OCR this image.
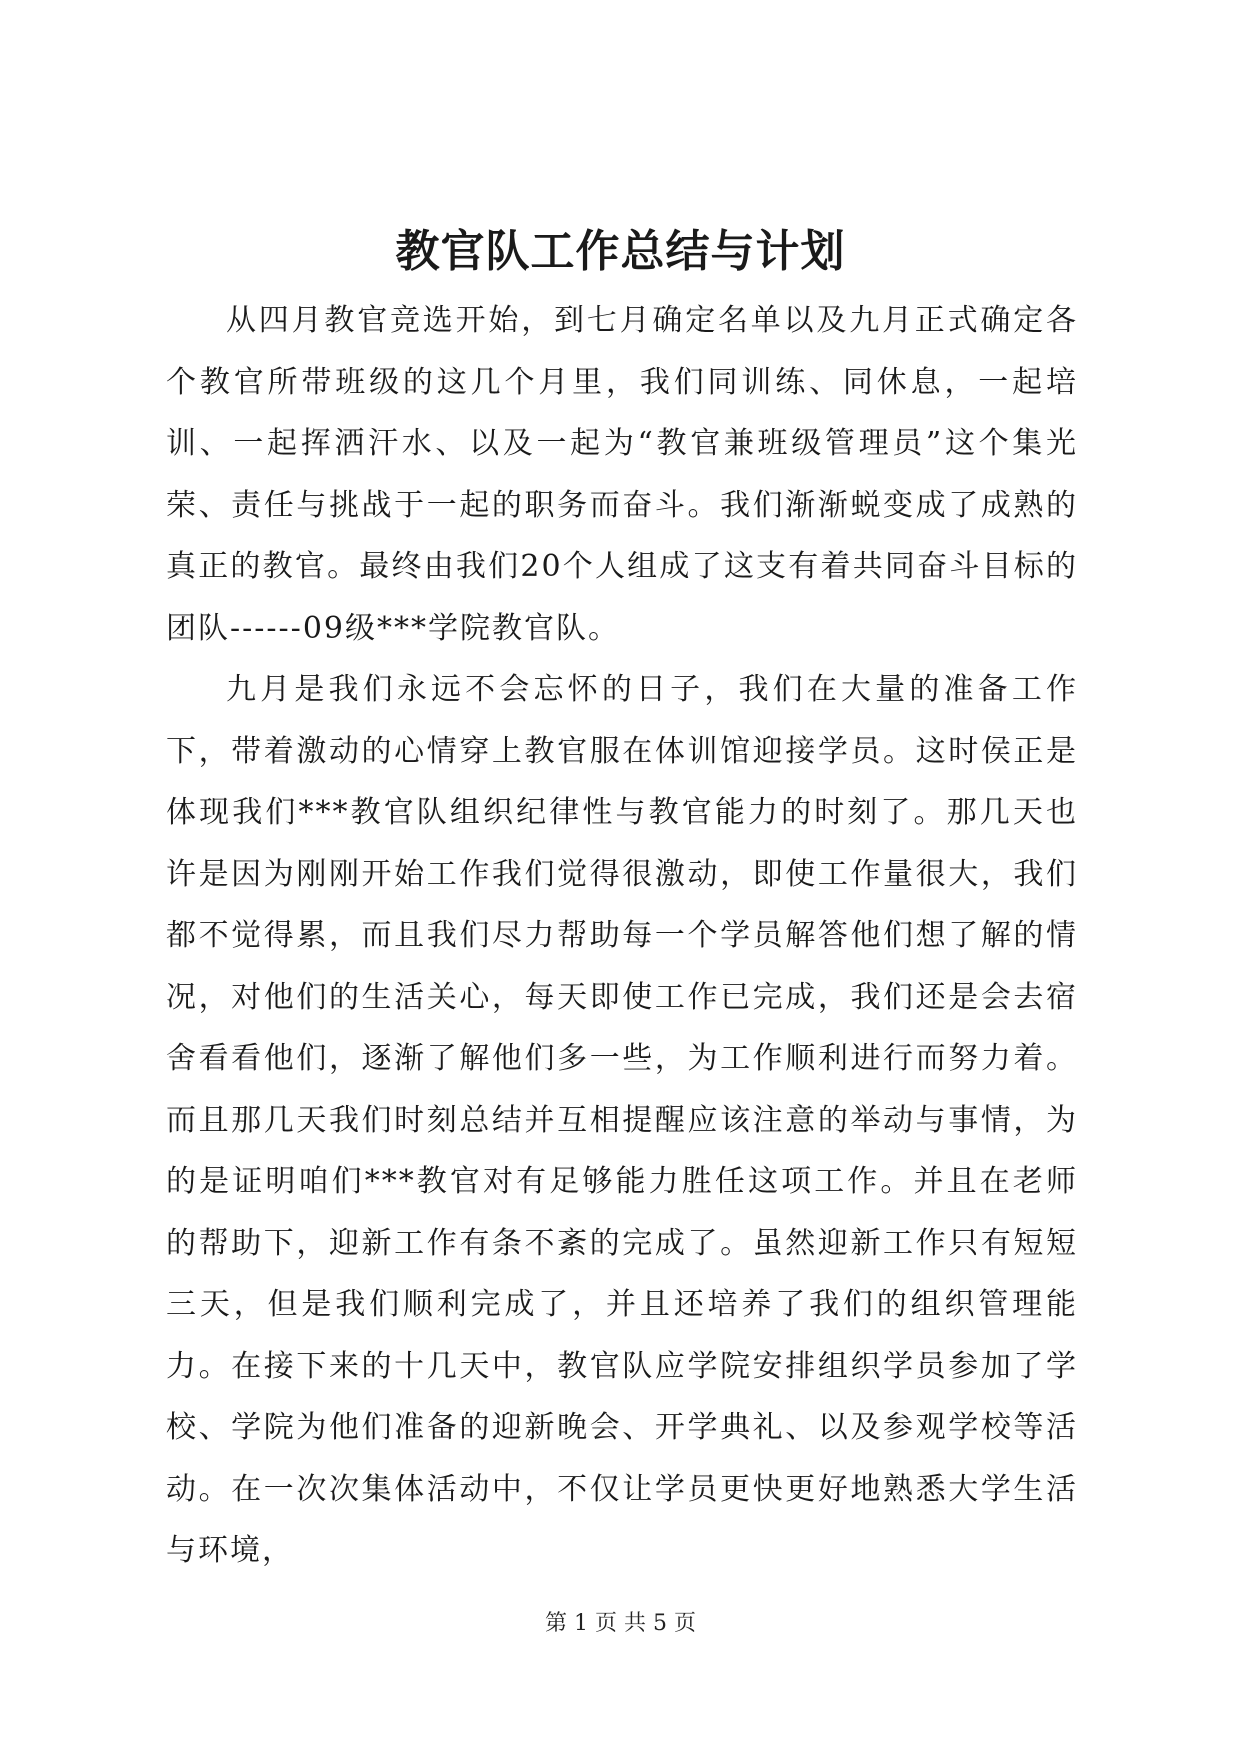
教官队工作总结与计划

从四月教官竞选开始，到七月确定名单以及九月正式确定各个教官所带班级的这几个月里，我们同训练、同休息，一起培训、一起挥洒汗水、以及一起为“教官兼班级管理员”这个集光荣、责任与挑战于一起的职务而奋斗。我们渐渐蜕变成了成熟的真正的教官。最终由我们20个人组成了这支有着共同奋斗目标的团队------09级***学院教官队。

九月是我们永远不会忘怀的日子，我们在大量的准备工作下，带着激动的心情穿上教官服在体训馆迎接学员。这时侯正是体现我们***教官队组织纪律性与教官能力的时刻了。那几天也许是因为刚刚开始工作我们觉得很激动，即使工作量很大，我们都不觉得累，而且我们尽力帮助每一个学员解答他们想了解的情况，对他们的生活关心，每天即使工作已完成，我们还是会去宿舍看看他们，逐渐了解他们多一些，为工作顺利进行而努力着。而且那几天我们时刻总结并互相提醒应该注意的举动与事情，为的是证明咱们***教官对有足够能力胜任这项工作。并且在老师的帮助下，迎新工作有条不紊的完成了。虽然迎新工作只有短短三天，但是我们顺利完成了，并且还培养了我们的组织管理能力。在接下来的十几天中，教官队应学院安排组织学员参加了学校、学院为他们准备的迎新晚会、开学典礼、以及参观学校等活动。在一次次集体活动中，不仅让学员更快更好地熟悉大学生活与环境，

第 1 页 共 5 页
